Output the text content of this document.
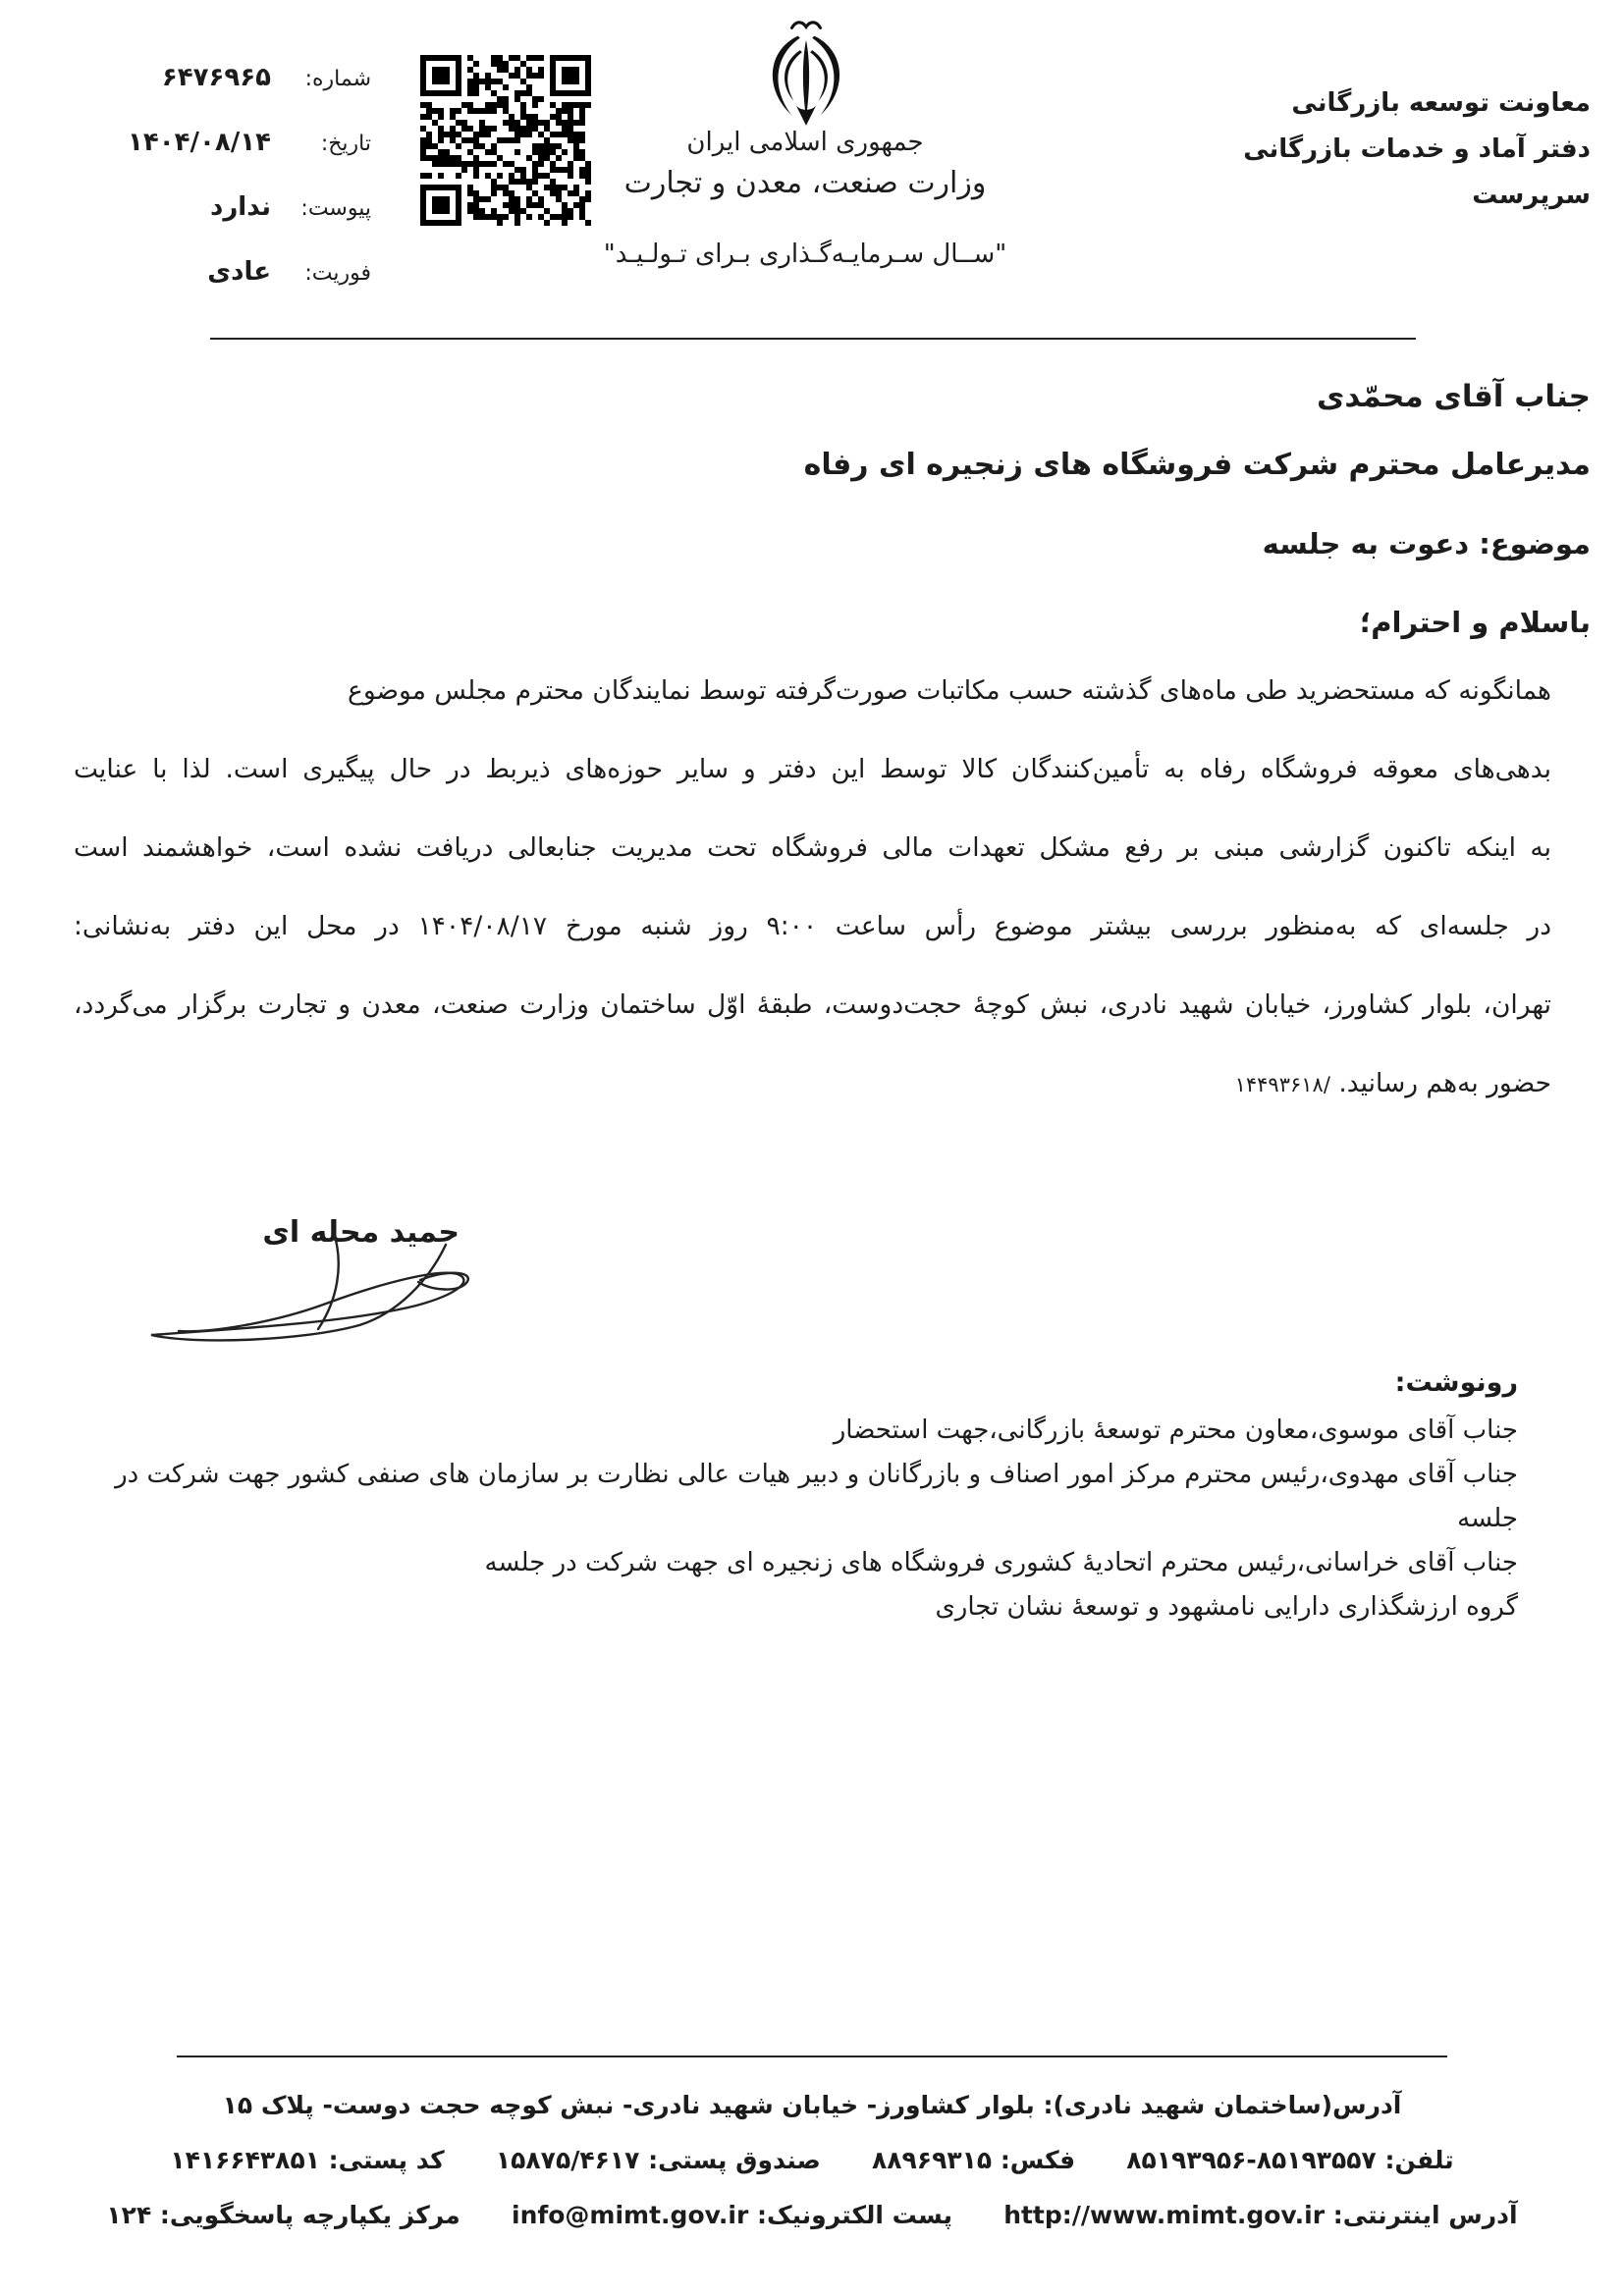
شماره:
۶۴۷۶۹۶۵
تاریخ:
۱۴۰۴/۰۸/۱۴
پیوست:
ندارد
فوریت:
عادی
جمهوری اسلامی ایران
وزارت صنعت، معدن و تجارت
"ســال سـرمایـه‌گـذاری بـرای تـولـیـد"
معاونت توسعه بازرگانی
دفتر آماد و خدمات بازرگانی
سرپرست
جناب آقای محمّدی
مدیرعامل محترم شرکت فروشگاه های زنجیره ای رفاه
موضوع: دعوت به جلسه
باسلام و احترام؛
همانگونه که مستحضرید طی ماه‌های گذشته حسب مکاتبات صورت‌گرفته توسط نمایندگان محترم مجلس موضوع
بدهی‌های معوقه فروشگاه رفاه به تأمین‌کنندگان کالا توسط این دفتر و سایر حوزه‌های ذیربط در حال پیگیری است. لذا با عنایت
به اینکه تاکنون گزارشی مبنی بر رفع مشکل تعهدات مالی فروشگاه تحت مدیریت جنابعالی دریافت نشده است، خواهشمند است
در جلسه‌ای که به‌منظور بررسی بیشتر موضوع رأس ساعت ۹:۰۰ روز شنبه مورخ ۱۴۰۴/۰۸/۱۷ در محل این دفتر به‌نشانی:
تهران، بلوار کشاورز، خیابان شهید نادری، نبش کوچۀ حجت‌دوست، طبقۀ اوّل ساختمان وزارت صنعت، معدن و تجارت برگزار می‌گردد،
حضور به‌هم رسانید. /۱۴۴۹۳۶۱۸
حمید محله ای
رونوشت:
جناب آقای موسوی،معاون محترم توسعۀ بازرگانی،جهت استحضار
جناب آقای مهدوی،رئیس محترم مرکز امور اصناف و بازرگانان و دبیر هیات عالی نظارت بر سازمان های صنفی کشور جهت شرکت در جلسه
جناب آقای خراسانی،رئیس محترم اتحادیۀ کشوری فروشگاه های زنجیره ای جهت شرکت در جلسه
گروه ارزشگذاری دارایی نامشهود و توسعۀ نشان تجاری
آدرس(ساختمان شهید نادری): بلوار کشاورز- خیابان شهید نادری- نبش کوچه حجت دوست- پلاک ۱۵
تلفن: ۸۵۱۹۳۵۵۷-۸۵۱۹۳۹۵۶      فکس: ۸۸۹۶۹۳۱۵      صندوق پستی: ۱۵۸۷۵/۴۶۱۷      کد پستی: ۱۴۱۶۶۴۳۸۵۱
آدرس اینترنتی: http://www.mimt.gov.ir      پست الکترونیک: info@mimt.gov.ir      مرکز یکپارچه پاسخگویی: ۱۲۴
